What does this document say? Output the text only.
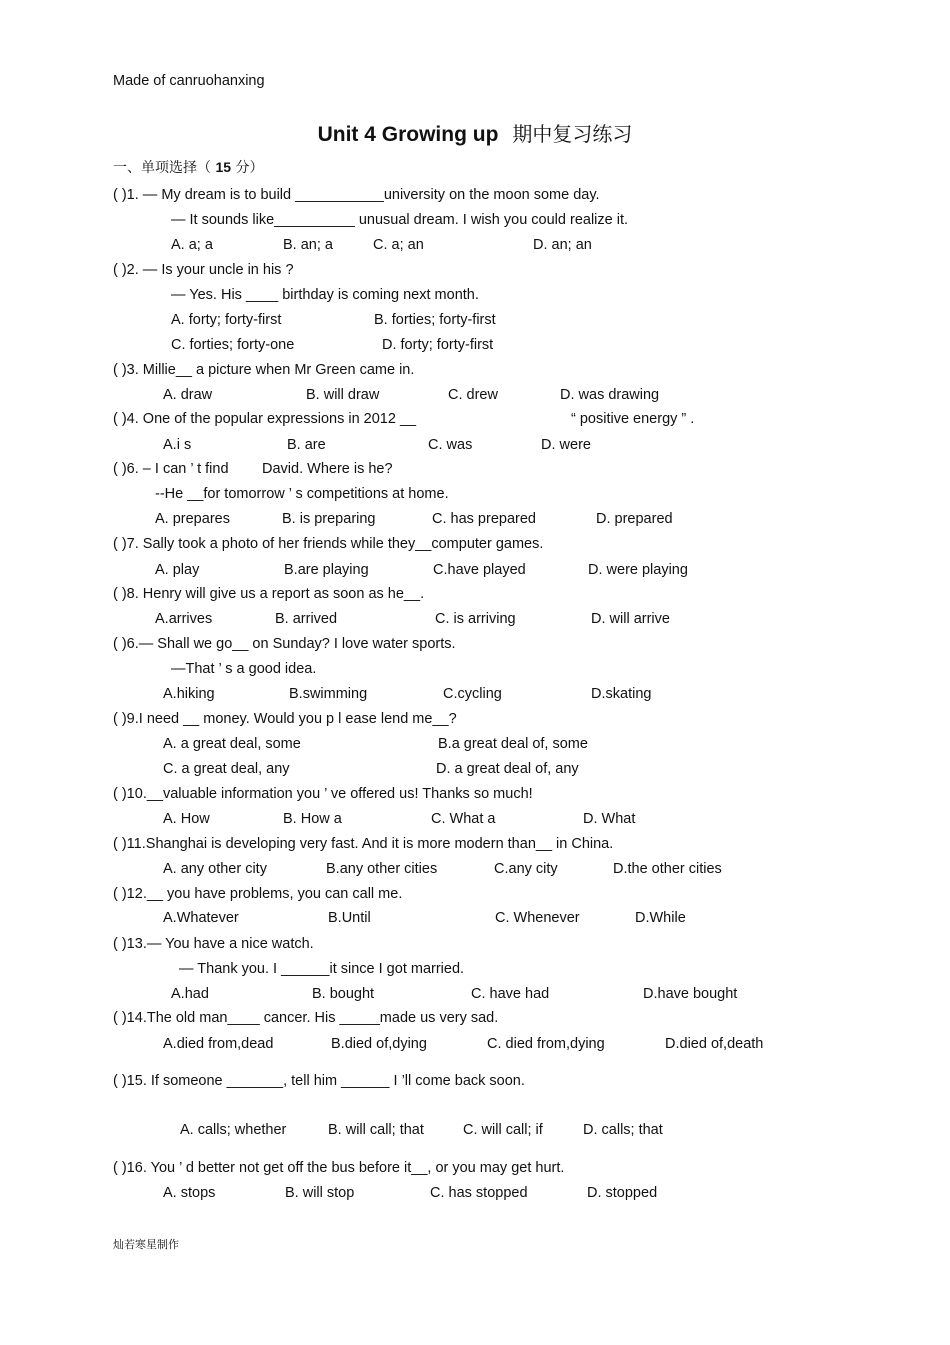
Made of canruohanxing
Unit 4 Growing up 期中复习练习
一、单项选择（ 15 分）
( )1. — My dream is to build ___________university on the moon some day.
— It sounds like__________ unusual dream. I wish you could realize it.
A. a; a	B. an; a	C. a; an	D. an; an
( )2. — Is your uncle in his ?
— Yes. His ____ birthday is coming next month.
A. forty; forty-first	B. forties; forty-first
C. forties; forty-one	D. forty; forty-first
( )3. Millie__ a picture when Mr Green came in.
A. draw	B. will draw	C. drew	D. was drawing
( )4. One of the popular expressions in 2012 __	“ positive energy ” .
A.i s	B. are	C. was	D. were
( )6. – I can ’ t find David. Where is he?
--He __for tomorrow ’ s competitions at home.
A. prepares	B. is preparing	C. has prepared	D. prepared
( )7. Sally took a photo of her friends while they__computer games.
A. play	B.are playing	C.have played	D. were playing
( )8. Henry will give us a report as soon as he__.
A.arrives	B. arrived	C. is arriving	D. will arrive
( )6.— Shall we go__ on Sunday? I love water sports.
—That ’ s a good idea.
A.hiking	B.swimming	C.cycling	D.skating
( )9.I need __ money. Would you p l ease lend me__?
A. a great deal, some	B.a great deal of, some
C. a great deal, any	D. a great deal of, any
( )10.__valuable information you ’ ve offered us! Thanks so much!
A. How	B. How a	C. What a	D. What
( )11.Shanghai is developing very fast. And it is more modern than__ in China.
A. any other city	B.any other cities	C.any city	D.the other cities
( )12.__ you have problems, you can call me.
A.Whatever	B.Until	C. Whenever	D.While
( )13.— You have a nice watch.
— Thank you. I ______it since I got married.
A.had	B. bought	C. have had	D.have bought
( )14.The old man____ cancer. His _____made us very sad.
A.died from,dead	B.died of,dying	C. died from,dying	D.died of,death
( )15. If someone _______, tell him ______ I ’ll come back soon.
A. calls; whether	B. will call; that	C. will call; if	D. calls; that
( )16. You ’ d better not get off the bus before it__, or you may get hurt.
A. stops	B. will stop	C. has stopped	D. stopped
灿若寒星制作
